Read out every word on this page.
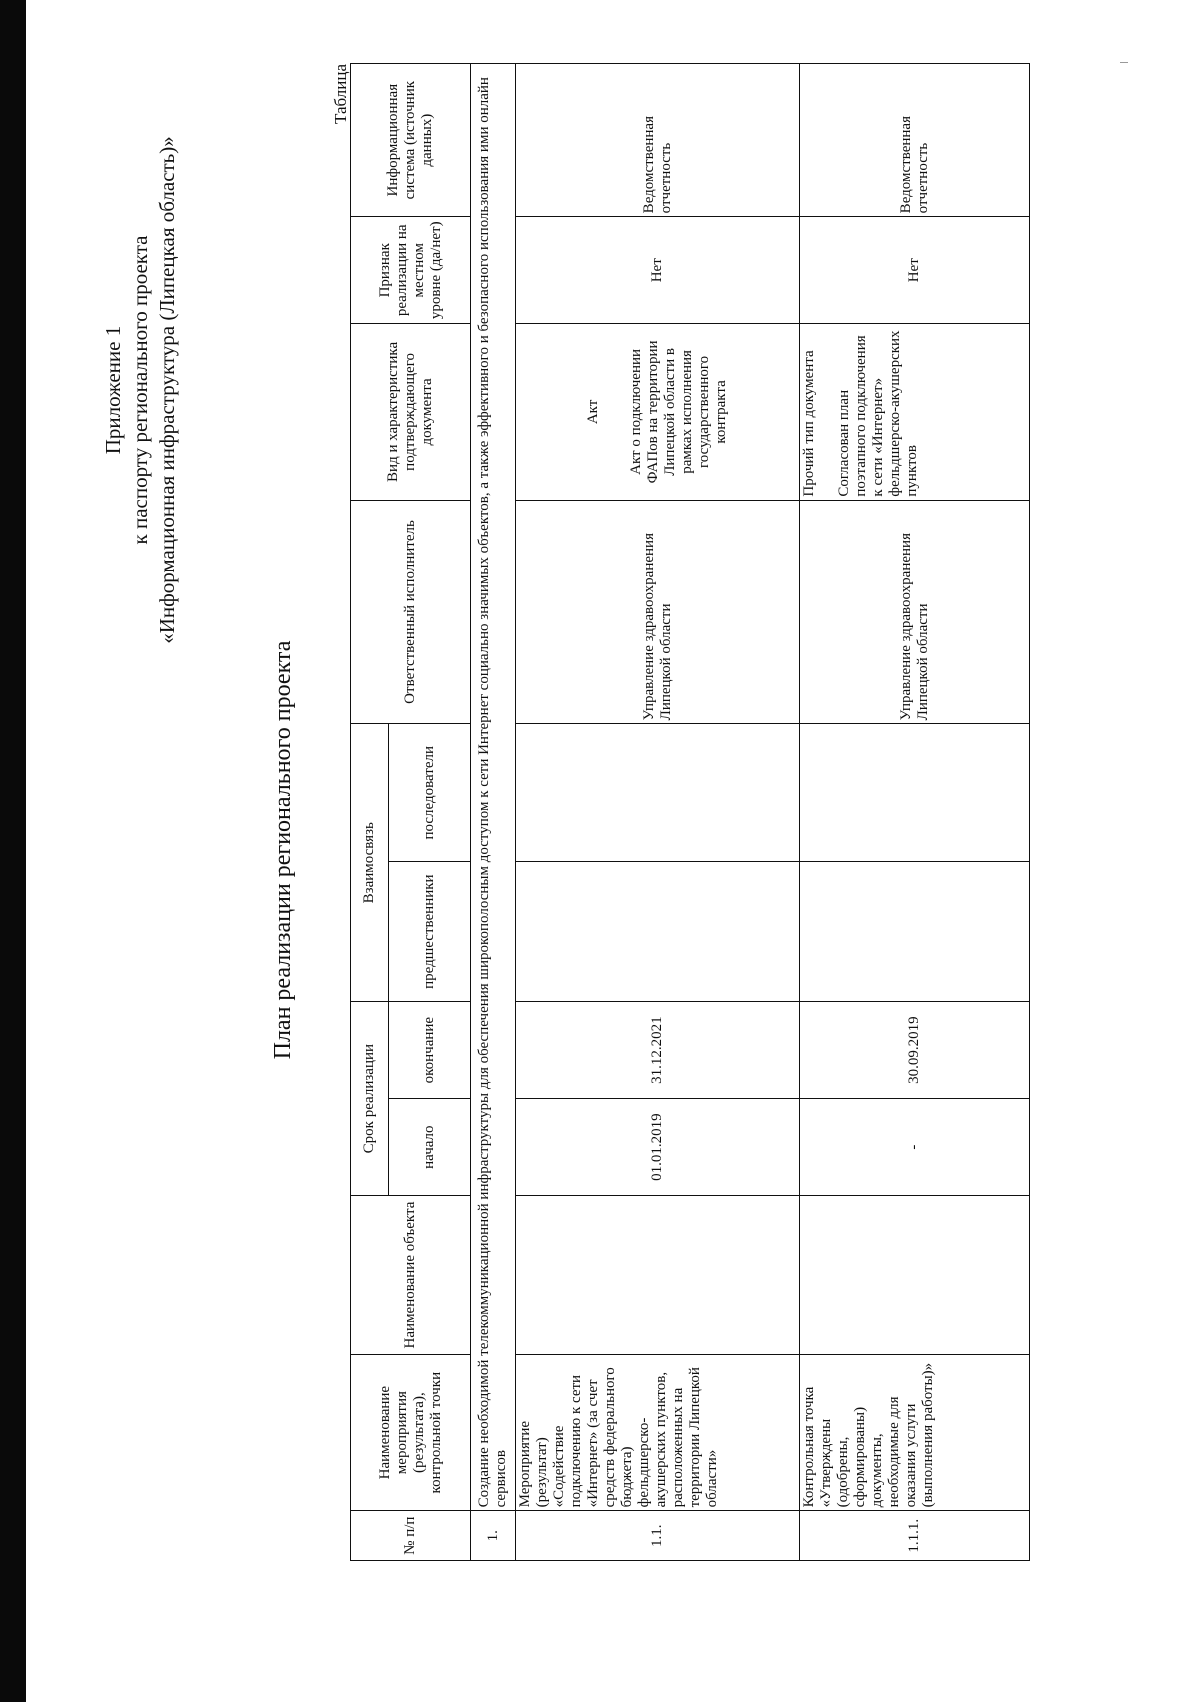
Приложение 1 к паспорту регионального проекта «Информационная инфраструктура (Липецкая область)»
План реализации регионального проекта
Таблица
№ п/п	Наименование мероприятия (результата), контрольной точки	Наименование объекта	Срок реализации		Взаимосвязь		Ответственный исполнитель	Вид и характеристика подтверждающего документа	Признак реализации на местном уровне (да/нет)	Информационная система (источник данных)
			начало	окончание	предшественники	последователи				
1.	Создание необходимой телекоммуникационной инфраструктуры для обеспечения широкополосным доступом к сети Интернет социально значимых объектов, а также эффективного и безопасного использования ими онлайн сервисов									
1.1.	Мероприятие (результат) «Содействие подключению к сети «Интернет» (за счет средств федерального бюджета) фельдшерско-акушерских пунктов, расположенных на территории Липецкой области»		01.01.2019	31.12.2021			Управление здравоохранения Липецкой области	Акт Акт о подключении ФАПов на территории Липецкой области в рамках исполнения государственного контракта	Нет	Ведомственная отчетность
1.1.1.	Контрольная точка «Утверждены (одобрены, сформированы) документы, необходимые для оказания услуги (выполнения работы)»		-	30.09.2019			Управление здравоохранения Липецкой области	Прочий тип документа Согласован план поэтапного подключения к сети «Интернет» фельдшерско-акушерских пунктов	Нет	Ведомственная отчетность
